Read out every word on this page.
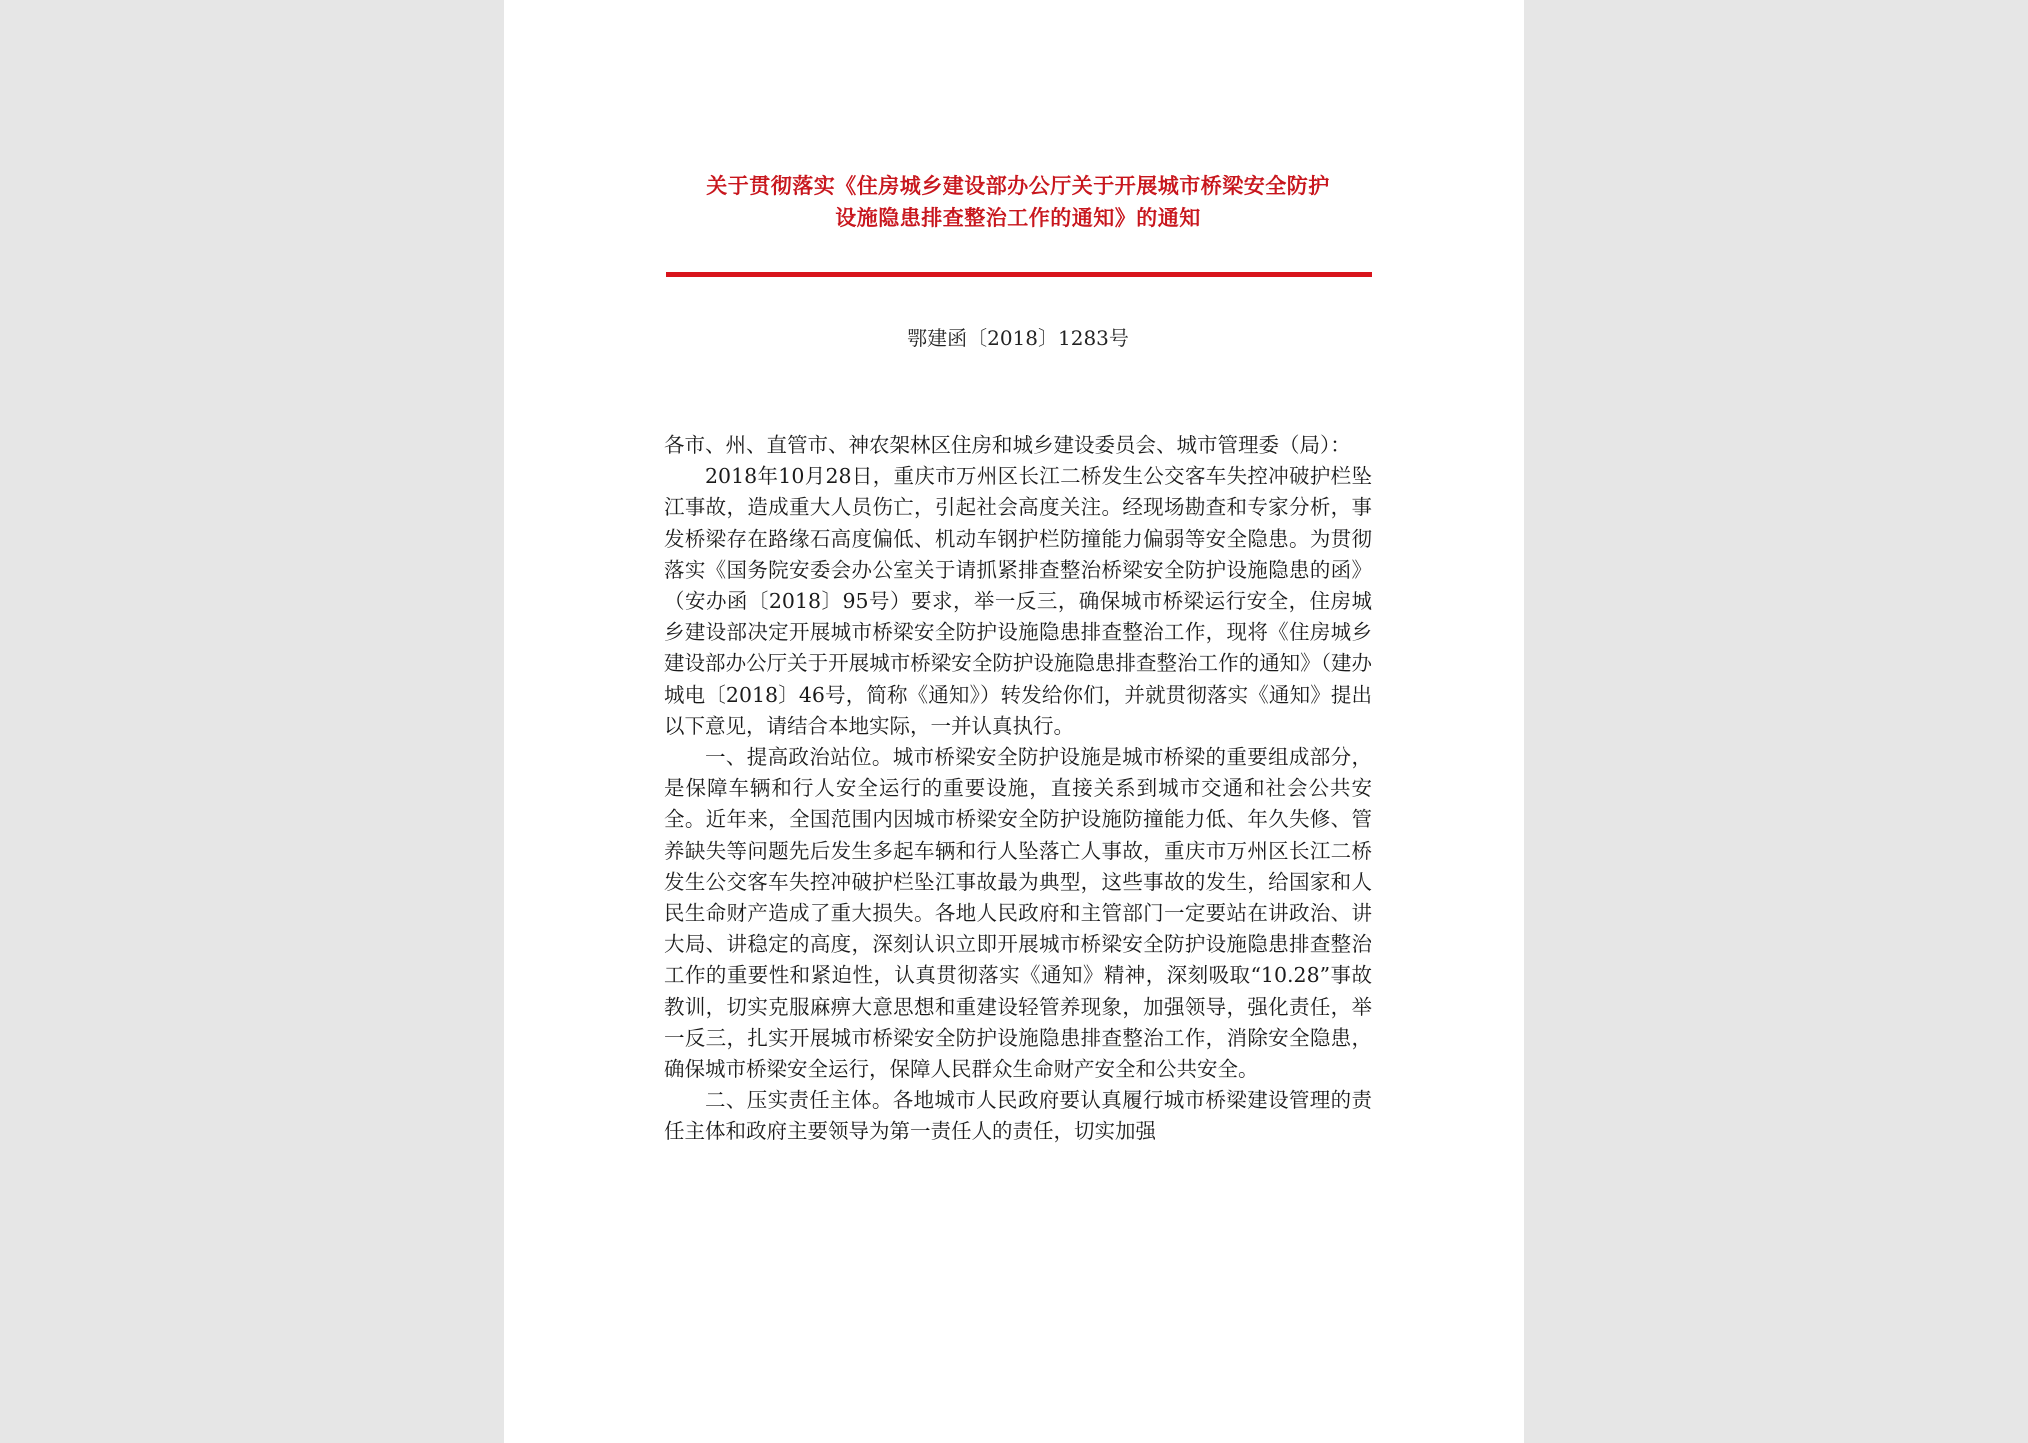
关于贯彻落实《住房城乡建设部办公厅关于开展城市桥梁安全防护
设施隐患排查整治工作的通知》的通知
鄂建函〔2018〕1283号

各市、州、直管市、神农架林区住房和城乡建设委员会、城市管理委（局）：

2018年10月28日，重庆市万州区长江二桥发生公交客车失控冲破护栏坠江事故，造成重大人员伤亡，引起社会高度关注。经现场勘查和专家分析，事发桥梁存在路缘石高度偏低、机动车钢护栏防撞能力偏弱等安全隐患。为贯彻落实《国务院安委会办公室关于请抓紧排查整治桥梁安全防护设施隐患的函》（安办函〔2018〕95号）要求，举一反三，确保城市桥梁运行安全，住房城乡建设部决定开展城市桥梁安全防护设施隐患排查整治工作，现将《住房城乡建设部办公厅关于开展城市桥梁安全防护设施隐患排查整治工作的通知》（建办城电〔2018〕46号，简称《通知》）转发给你们，并就贯彻落实《通知》提出以下意见，请结合本地实际，一并认真执行。

一、提高政治站位。城市桥梁安全防护设施是城市桥梁的重要组成部分，是保障车辆和行人安全运行的重要设施，直接关系到城市交通和社会公共安全。近年来，全国范围内因城市桥梁安全防护设施防撞能力低、年久失修、管养缺失等问题先后发生多起车辆和行人坠落亡人事故，重庆市万州区长江二桥发生公交客车失控冲破护栏坠江事故最为典型，这些事故的发生，给国家和人民生命财产造成了重大损失。各地人民政府和主管部门一定要站在讲政治、讲大局、讲稳定的高度，深刻认识立即开展城市桥梁安全防护设施隐患排查整治工作的重要性和紧迫性，认真贯彻落实《通知》精神，深刻吸取“10.28”事故教训，切实克服麻痹大意思想和重建设轻管养现象，加强领导，强化责任，举一反三，扎实开展城市桥梁安全防护设施隐患排查整治工作，消除安全隐患，确保城市桥梁安全运行，保障人民群众生命财产安全和公共安全。

二、压实责任主体。各地城市人民政府要认真履行城市桥梁建设管理的责任主体和政府主要领导为第一责任人的责任，切实加强
